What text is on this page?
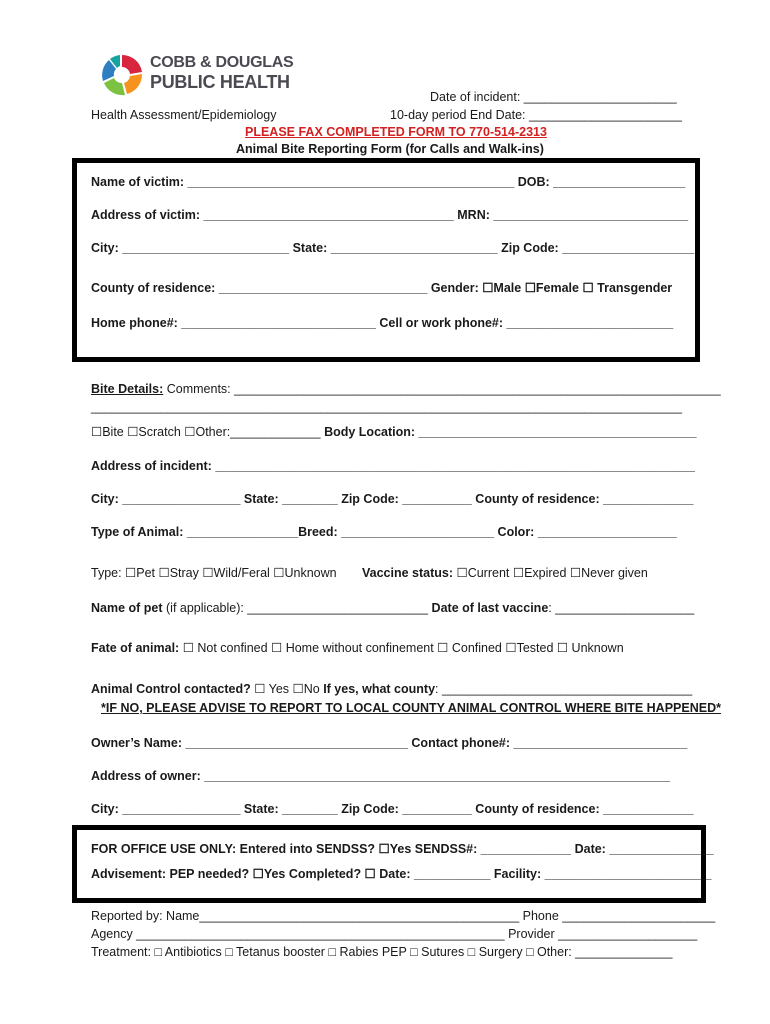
COBB & DOUGLAS
PUBLIC HEALTH
Date of incident: ______________________
Health Assessment/Epidemiology	10-day period End Date: ______________________
PLEASE FAX COMPLETED FORM TO 770-514-2313
Animal Bite Reporting Form (for Calls and Walk-ins)
Name of victim: _______________________________________________ DOB: ___________________
Address of victim: ____________________________________ MRN: ____________________________
City: ________________________ State: ________________________ Zip Code: ___________________
County of residence: ______________________________ Gender: ☐Male ☐Female ☐ Transgender
Home phone#: ____________________________ Cell or work phone#: ________________________
Bite Details: Comments: ______________________________________________________________________
_____________________________________________________________________________________
☐Bite ☐Scratch ☐Other:_____________ Body Location: ________________________________________
Address of incident: _____________________________________________________________________
City: _________________ State: ________ Zip Code: __________ County of residence: _____________
Type of Animal: ________________Breed: ______________________ Color: ____________________
Type: ☐Pet ☐Stray ☐Wild/Feral ☐Unknown Vaccine status: ☐Current ☐Expired ☐Never given
Name of pet (if applicable): __________________________ Date of last vaccine: ____________________
Fate of animal: ☐ Not confined ☐ Home without confinement ☐ Confined ☐Tested ☐ Unknown
Animal Control contacted? ☐ Yes ☐No If yes, what county: ____________________________________
*IF NO, PLEASE ADVISE TO REPORT TO LOCAL COUNTY ANIMAL CONTROL WHERE BITE HAPPENED*
Owner’s Name: ________________________________ Contact phone#: _________________________
Address of owner: ___________________________________________________________________
City: _________________ State: ________ Zip Code: __________ County of residence: _____________
FOR OFFICE USE ONLY: Entered into SENDSS? ☐Yes SENDSS#: _____________ Date: _______________
Advisement: PEP needed? ☐Yes Completed? ☐ Date: ___________ Facility: ________________________
Reported by: Name______________________________________________ Phone ______________________
Agency _____________________________________________________ Provider ____________________
Treatment: □ Antibiotics □ Tetanus booster □ Rabies PEP □ Sutures □ Surgery □ Other: ______________
